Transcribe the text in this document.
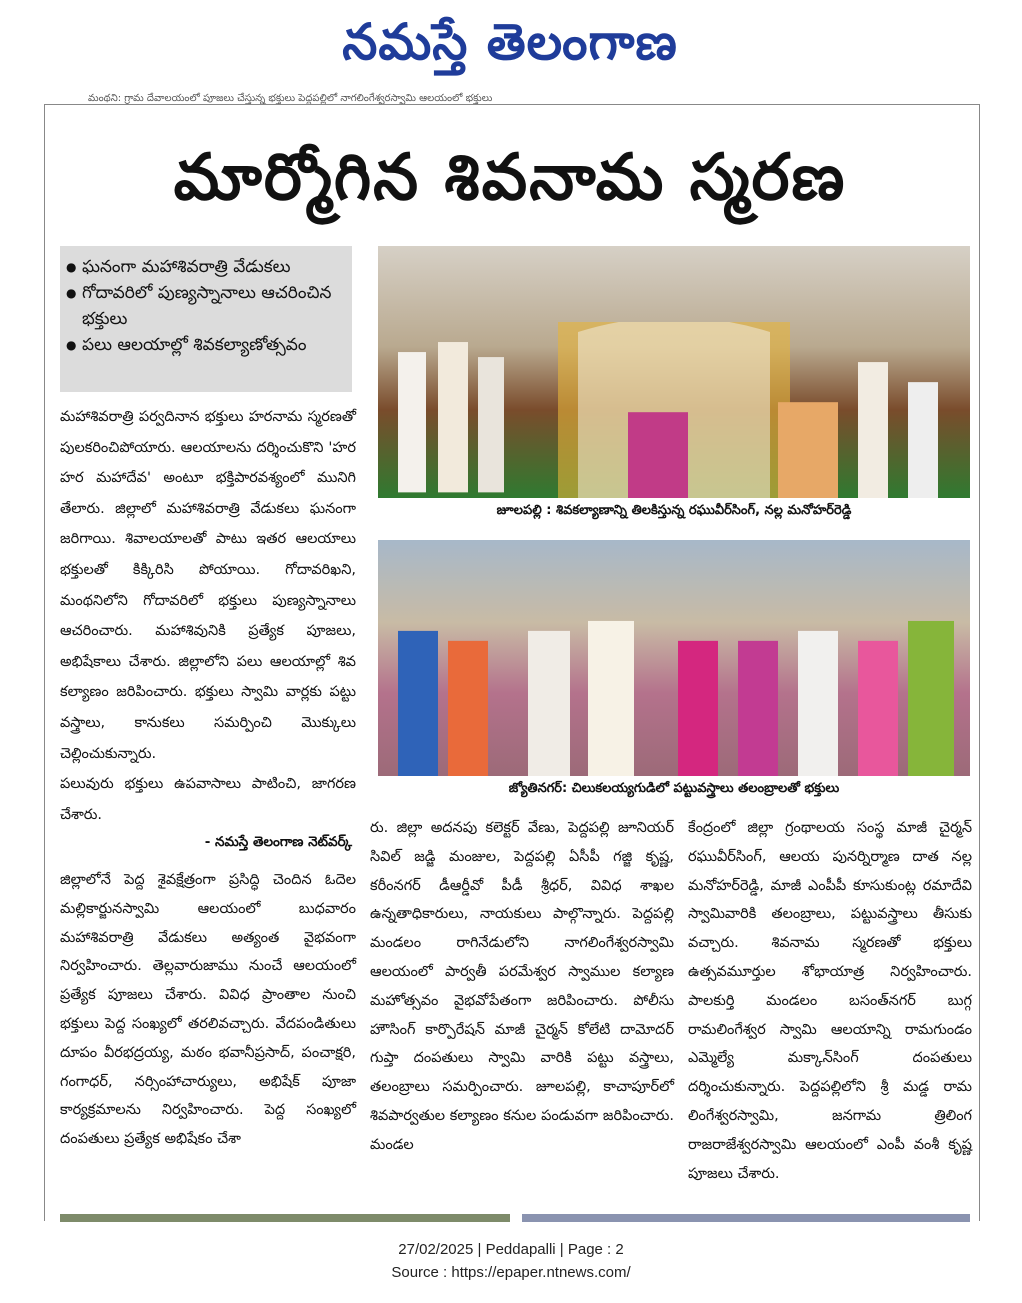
నమస్తే తెలంగాణ
మంథని: గ్రామ దేవాలయంలో పూజలు చేస్తున్న భక్తులు పెద్దపల్లిలో నాగలింగేశ్వరస్వామి ఆలయంలో భక్తులు
మార్మోగిన శివనామ స్మరణ
● ఘనంగా మహాశివరాత్రి వేడుకలు
● గోదావరిలో పుణ్యస్నానాలు ఆచరించిన భక్తులు
● పలు ఆలయాల్లో శివకల్యాణోత్సవం

మహాశివరాత్రి పర్వదినాన భక్తులు హరనామ స్మరణతో పులకరించిపోయారు. ఆలయాలను దర్శించుకొని 'హర హర మహాదేవ' అంటూ భక్తిపారవశ్యంలో మునిగి తేలారు. జిల్లాలో మహాశివరాత్రి వేడుకలు ఘనంగా జరిగాయి. శివాలయాలతో పాటు ఇతర ఆలయాలు భక్తులతో కిక్కిరిసి పోయాయి. గోదావరిఖని, మంథనిలోని గోదావరిలో భక్తులు పుణ్యస్నానాలు ఆచరించారు. మహాశివునికి ప్రత్యేక పూజలు, అభిషేకాలు చేశారు. జిల్లాలోని పలు ఆలయాల్లో శివ కల్యాణం జరిపించారు. భక్తులు స్వామి వార్లకు పట్టు వస్త్రాలు, కానుకలు సమర్పించి మొక్కులు చెల్లించుకున్నారు.

పలువురు భక్తులు ఉపవాసాలు పాటించి, జాగరణ చేశారు.

- నమస్తే తెలంగాణ నెట్‌వర్క్
జూలపల్లి : శివకల్యాణాన్ని తిలకిస్తున్న రఘువీర్‌సింగ్, నల్ల మనోహర్‌రెడ్డి
జ్యోతినగర్: చిలుకలయ్యగుడిలో పట్టువస్త్రాలు తలంబ్రాలతో భక్తులు
జిల్లాలోనే పెద్ద శైవక్షేత్రంగా ప్రసిద్ధి చెందిన ఓదెల మల్లికార్జునస్వామి ఆలయంలో బుధవారం మహాశివరాత్రి వేడుకలు అత్యంత వైభవంగా నిర్వహించారు. తెల్లవారుజాము నుంచే ఆలయంలో ప్రత్యేక పూజలు చేశారు. వివిధ ప్రాంతాల నుంచి భక్తులు పెద్ద సంఖ్యలో తరలివచ్చారు. వేదపండితులు దూపం వీరభద్రయ్య, మఠం భవానీప్రసాద్, పంచాక్షరి, గంగాధర్, నర్సింహాచార్యులు, అభిషేక్ పూజా కార్యక్రమాలను నిర్వహించారు. పెద్ద సంఖ్యలో దంపతులు ప్రత్యేక అభిషేకం చేశా
రు. జిల్లా అదనపు కలెక్టర్ వేణు, పెద్దపల్లి జూనియర్ సివిల్ జడ్జి మంజుల, పెద్దపల్లి ఏసీపీ గజ్జి కృష్ణ, కరీంనగర్ డీఆర్డీవో పీడీ శ్రీధర్, వివిధ శాఖల ఉన్నతాధికారులు, నాయకులు పాల్గొన్నారు. పెద్దపల్లి మండలం రాగినేడులోని నాగలింగేశ్వరస్వామి ఆలయంలో పార్వతీ పరమేశ్వర స్వాముల కల్యాణ మహోత్సవం వైభవోపేతంగా జరిపించారు. పోలీసు హౌసింగ్ కార్పొరేషన్ మాజీ చైర్మన్ కోలేటి దామోదర్ గుప్తా దంపతులు స్వామి వారికి పట్టు వస్త్రాలు, తలంబ్రాలు సమర్పించారు. జూలపల్లి, కాచాపూర్‌లో శివపార్వతుల కల్యాణం కనుల పండువగా జరిపించారు. మండల
కేంద్రంలో జిల్లా గ్రంథాలయ సంస్థ మాజీ చైర్మన్ రఘువీర్‌సింగ్, ఆలయ పునర్నిర్మాణ దాత నల్ల మనోహర్‌రెడ్డి, మాజీ ఎంపీపీ కూసుకుంట్ల రమాదేవి స్వామివారికి తలంబ్రాలు, పట్టువస్త్రాలు తీసుకు వచ్చారు. శివనామ స్మరణతో భక్తులు ఉత్సవమూర్తుల శోభాయాత్ర నిర్వహించారు. పాలకుర్తి మండలం బసంత్‌నగర్ బుగ్గ రామలింగేశ్వర స్వామి ఆలయాన్ని రామగుండం ఎమ్మెల్యే మక్కాన్‌సింగ్ దంపతులు దర్శించుకున్నారు. పెద్దపల్లిలోని శ్రీ మడ్డ రామ లింగేశ్వరస్వామి, జనగామ త్రిలింగ రాజరాజేశ్వరస్వామి ఆలయంలో ఎంపీ వంశీ కృష్ణ పూజలు చేశారు.
27/02/2025 | Peddapalli | Page : 2
Source : https://epaper.ntnews.com/
